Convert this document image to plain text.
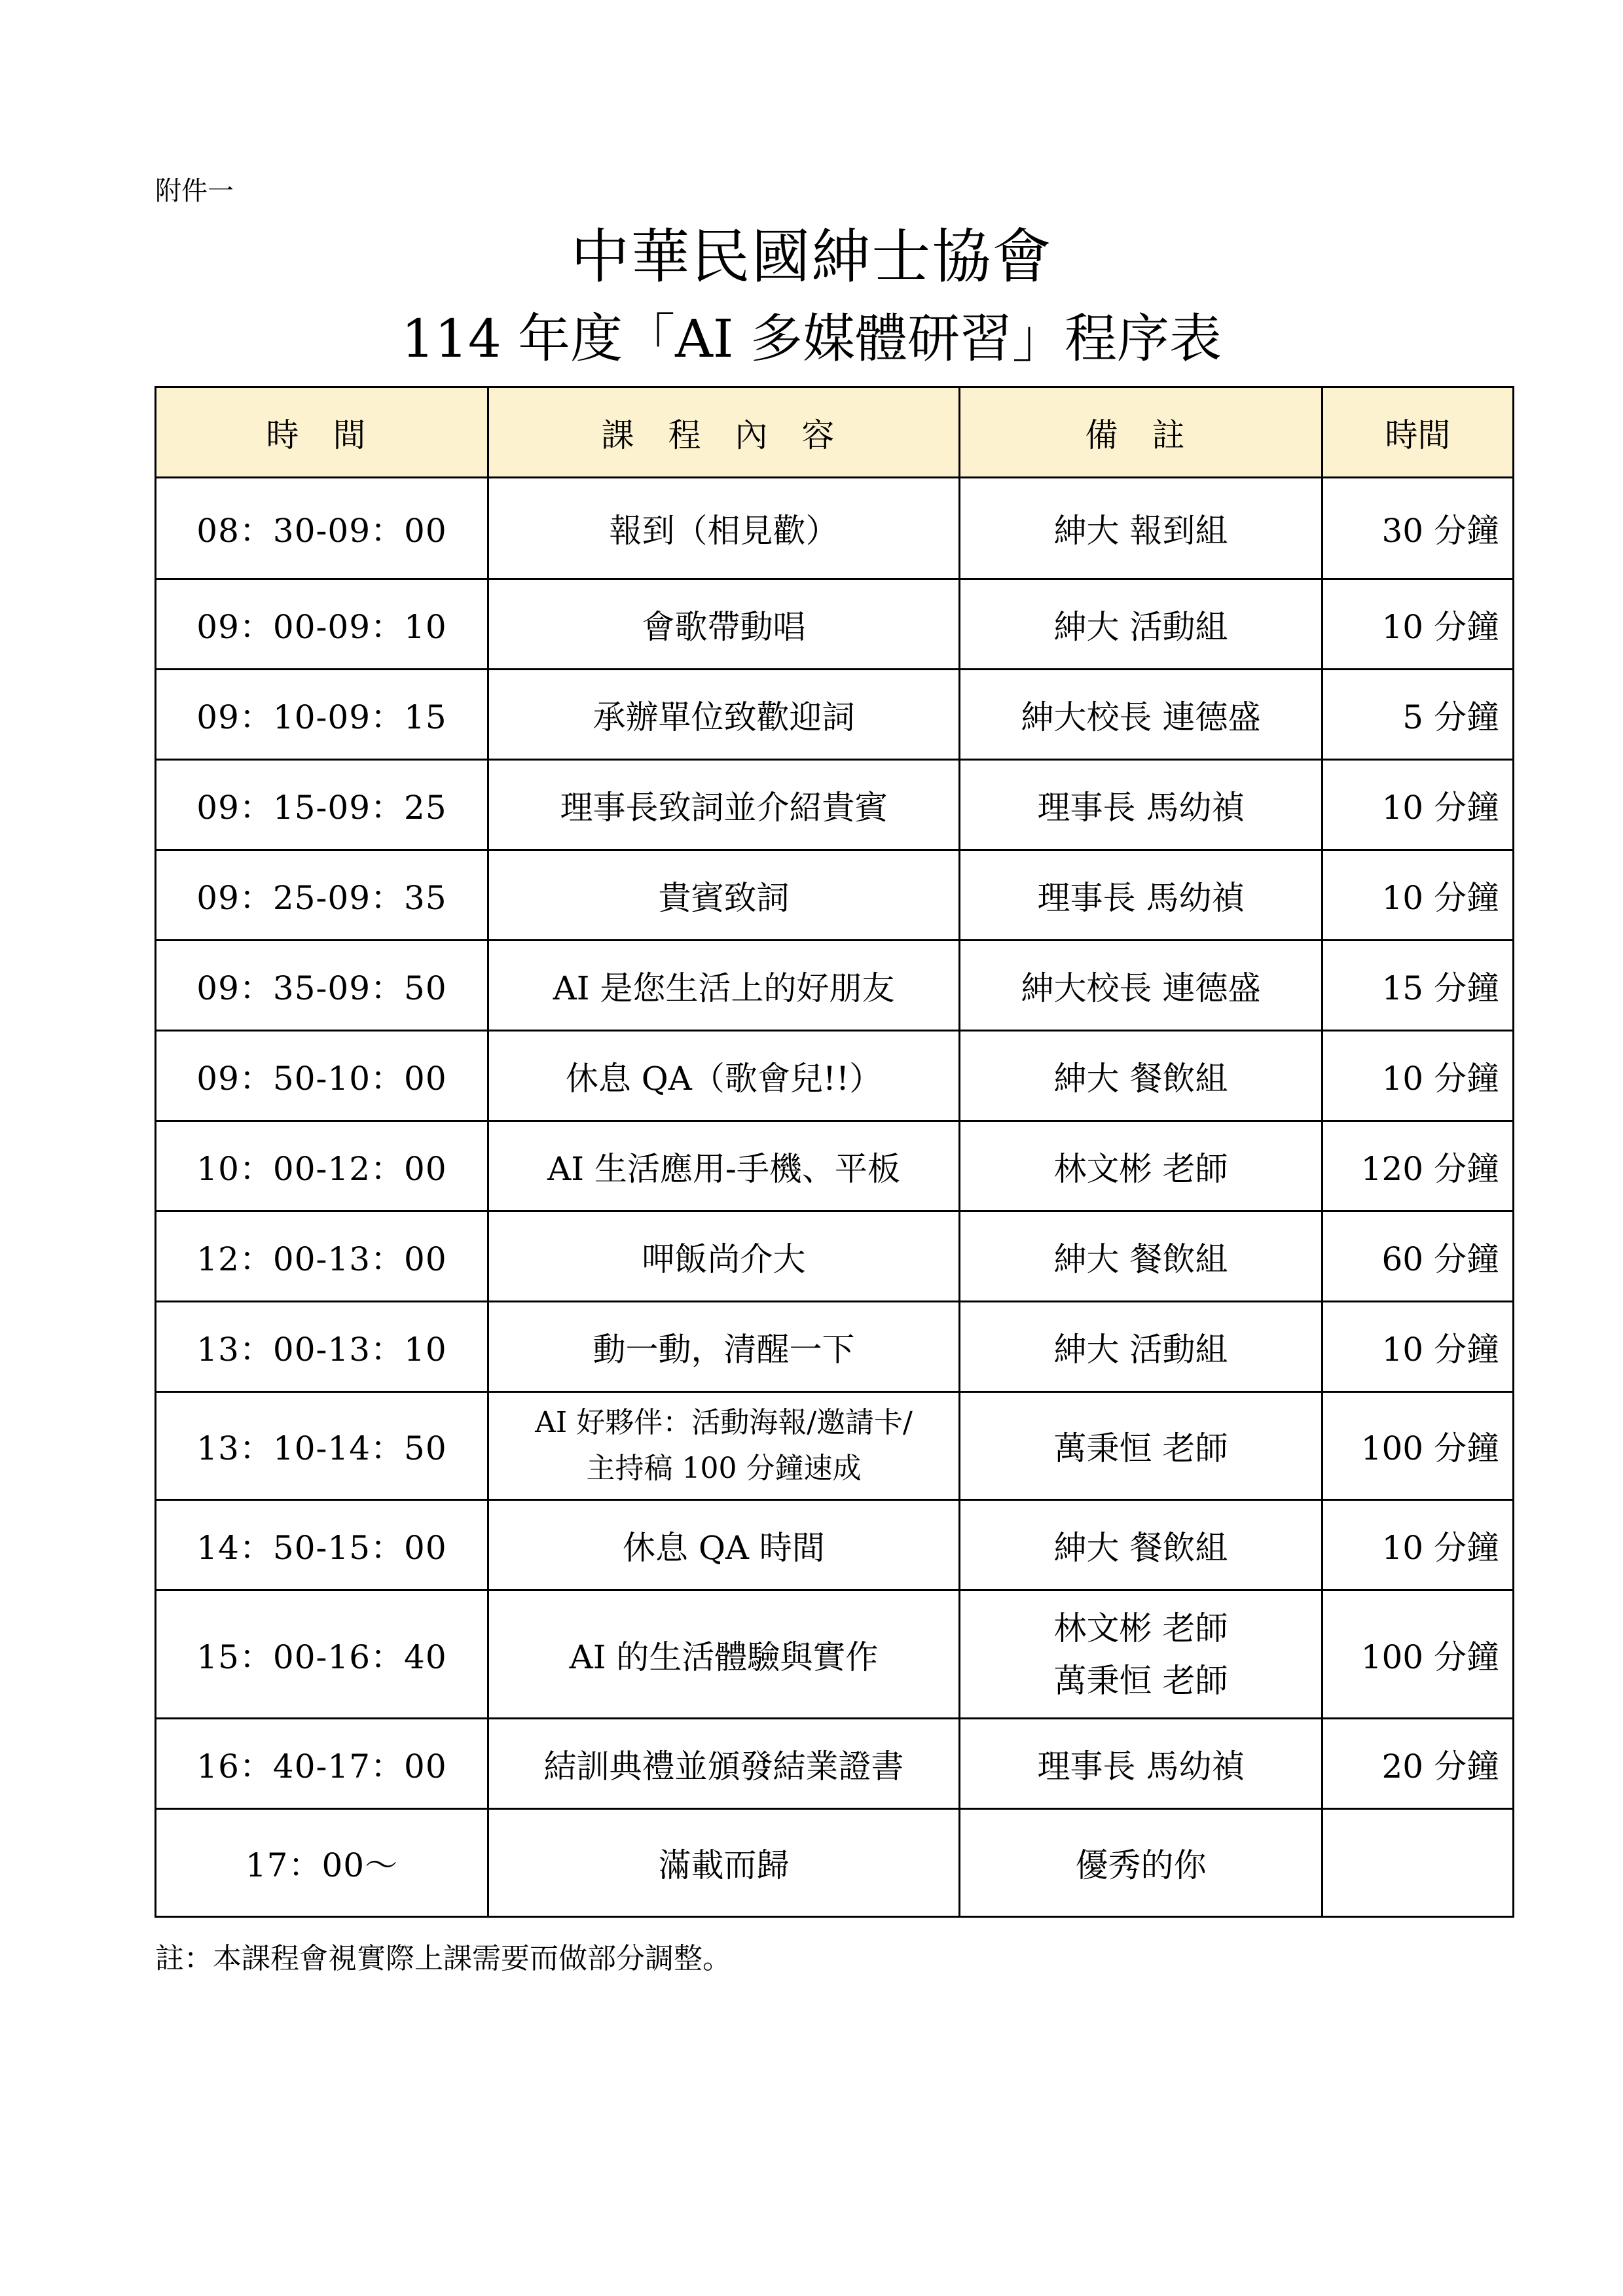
附件一
中華民國紳士協會
114 年度「AI 多媒體研習」程序表
時 間	課 程 內 容	備 註	時間
08：30-09：00	報到（相見歡）	紳大 報到組	30 分鐘
09：00-09：10	會歌帶動唱	紳大 活動組	10 分鐘
09：10-09：15	承辦單位致歡迎詞	紳大校長 連德盛	5 分鐘
09：15-09：25	理事長致詞並介紹貴賓	理事長 馬幼禎	10 分鐘
09：25-09：35	貴賓致詞	理事長 馬幼禎	10 分鐘
09：35-09：50	AI 是您生活上的好朋友	紳大校長 連德盛	15 分鐘
09：50-10：00	休息 QA（歌會兒!!）	紳大 餐飲組	10 分鐘
10：00-12：00	AI 生活應用-手機、平板	林文彬 老師	120 分鐘
12：00-13：00	呷飯尚介大	紳大 餐飲組	60 分鐘
13：00-13：10	動一動，清醒一下	紳大 活動組	10 分鐘
13：10-14：50	AI 好夥伴：活動海報/邀請卡/
主持稿 100 分鐘速成	萬秉恒 老師	100 分鐘
14：50-15：00	休息 QA 時間	紳大 餐飲組	10 分鐘
15：00-16：40	AI 的生活體驗與實作	林文彬 老師
萬秉恒 老師	100 分鐘
16：40-17：00	結訓典禮並頒發結業證書	理事長 馬幼禎	20 分鐘
17：00～	滿載而歸	優秀的你	
註：本課程會視實際上課需要而做部分調整。
